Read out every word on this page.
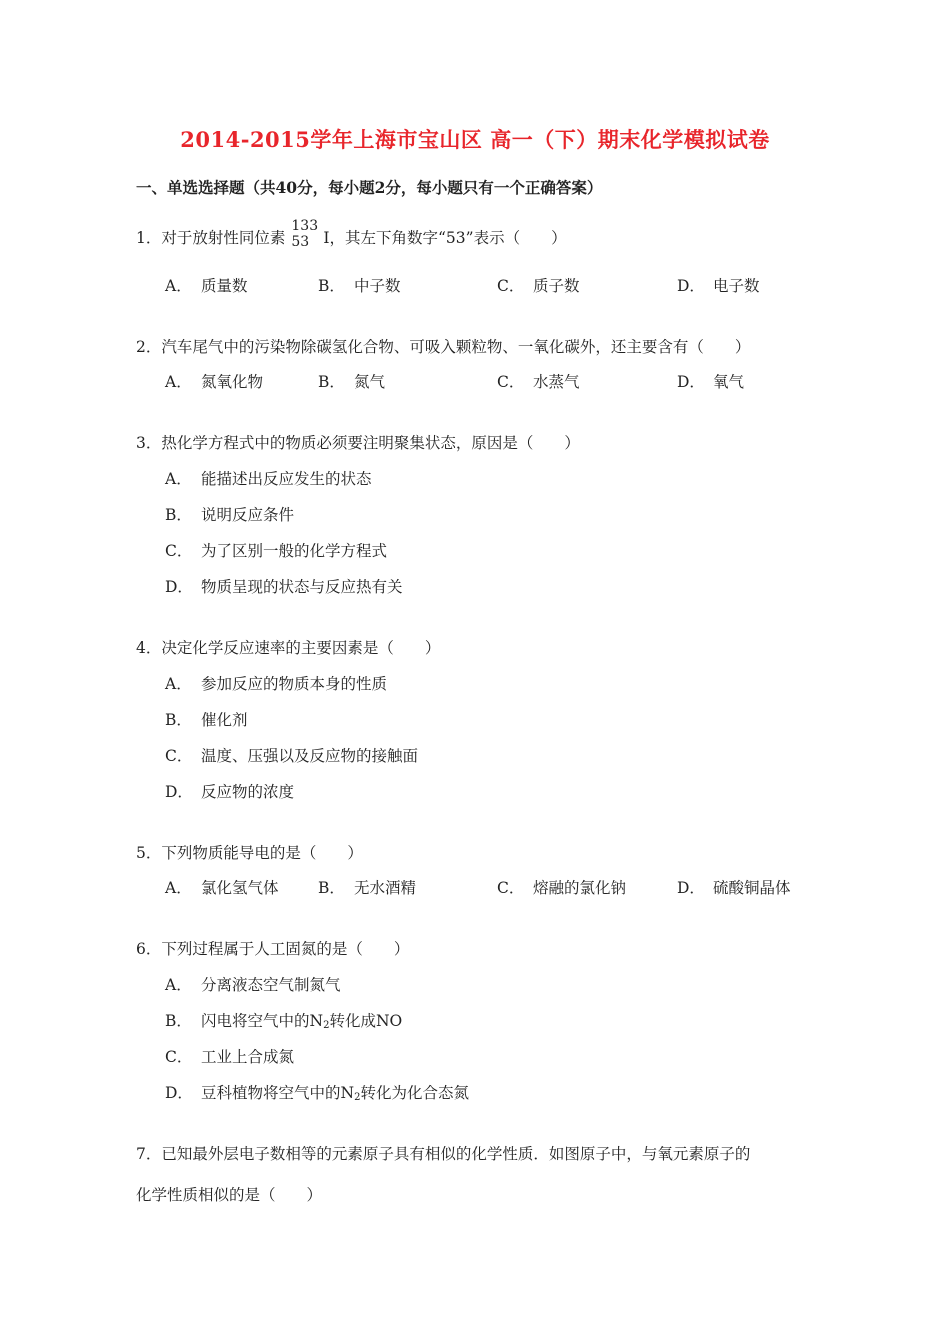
2014-2015学年上海市宝山区 高一（下）期末化学模拟试卷
一、单选选择题（共40分，每小题2分，每小题只有一个正确答案）
1．对于放射性同位素
133
53 I，其左下角数字“53”表示（　　）
A． 质量数	B． 中子数	C． 质子数	D． 电子数
2．汽车尾气中的污染物除碳氢化合物、可吸入颗粒物、一氧化碳外，还主要含有（　　）
A． 氮氧化物	B． 氮气	C． 水蒸气	D． 氧气
3．热化学方程式中的物质必须要注明聚集状态，原因是（　　）
A． 能描述出反应发生的状态
B． 说明反应条件
C． 为了区别一般的化学方程式
D． 物质呈现的状态与反应热有关
4．决定化学反应速率的主要因素是（　　）
A． 参加反应的物质本身的性质
B． 催化剂
C． 温度、压强以及反应物的接触面
D． 反应物的浓度
5．下列物质能导电的是（　　）
A． 氯化氢气体	B． 无水酒精	C． 熔融的氯化钠	D． 硫酸铜晶体
6．下列过程属于人工固氮的是（　　）
A． 分离液态空气制氮气
B． 闪电将空气中的$N_2$转化成NO
C． 工业上合成氮
D． 豆科植物将空气中的$N_2$转化为化合态氮
7．已知最外层电子数相等的元素原子具有相似的化学性质．如图原子中，与氧元素原子的
化学性质相似的是（　　）
